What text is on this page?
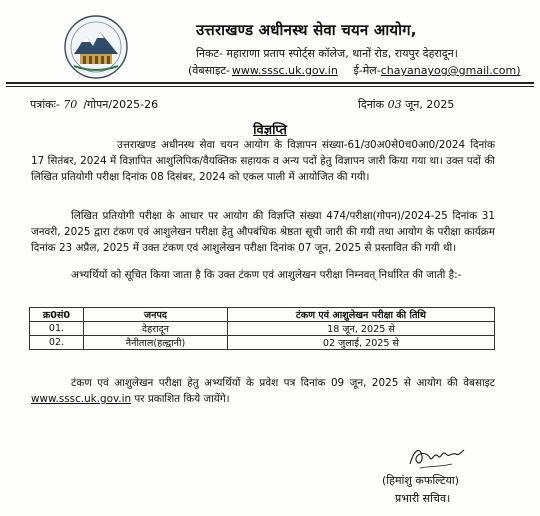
उत्तराखण्ड अधीनस्थ सेवा चयन आयोग,
निकट- महाराणा प्रताप स्पोर्ट्स कॉलेज, थानों रोड, रायपुर देहरादून।
(वेबसाइट- www.sssc.uk.gov.in ई-मेल-chayanayog@gmail.com)
पत्रांकः- 70 /गोपन/2025-26	दिनांक 03 जून, 2025
विज्ञप्ति

उत्तराखण्ड अधीनस्थ सेवा चयन आयोग के विज्ञापन संख्या-61/उ0अ0से0च0आ0/2024 दिनांक 17 सितंबर, 2024 में विज्ञापित आशुलिपिक/वैयक्तिक सहायक व अन्य पदों हेतु विज्ञापन जारी किया गया था। उक्त पदों की लिखित प्रतियोगी परीक्षा दिनांक 08 दिसंबर, 2024 को एकल पाली में आयोजित की गयी।

लिखित प्रतियोगी परीक्षा के आधार पर आयोग की विज्ञप्ति संख्या 474/परीक्षा(गोपन)/2024-25 दिनांक 31 जनवरी, 2025 द्वारा टंकण एवं आशुलेखन परीक्षा हेतु औपबंधिक श्रेष्ठता सूची जारी की गयी तथा आयोग के परीक्षा कार्यक्रम दिनांक 23 अप्रैल, 2025 में उक्त टंकण एवं आशुलेखन परीक्षा दिनांक 07 जून, 2025 से प्रस्तावित की गयी थी।

अभ्यर्थियों को सूचित किया जाता है कि उक्त टंकण एवं आशुलेखन परीक्षा निम्नवत् निर्धारित की जाती है:-

क्र0सं0	जनपद	टंकण एवं आशुलेखन परीक्षा की तिथि
01.	देहरादून	18 जून, 2025 से
02.	नैनीताल(हल्द्वानी)	02 जुलाई, 2025 से

टंकण एवं आशुलेखन परीक्षा हेतु अभ्यर्थियों के प्रवेश पत्र दिनांक 09 जून, 2025 से आयोग की वेबसाइट www.sssc.uk.gov.in पर प्रकाशित किये जायेंगे।

(हिमांशु कफल्टिया)
प्रभारी सचिव।
